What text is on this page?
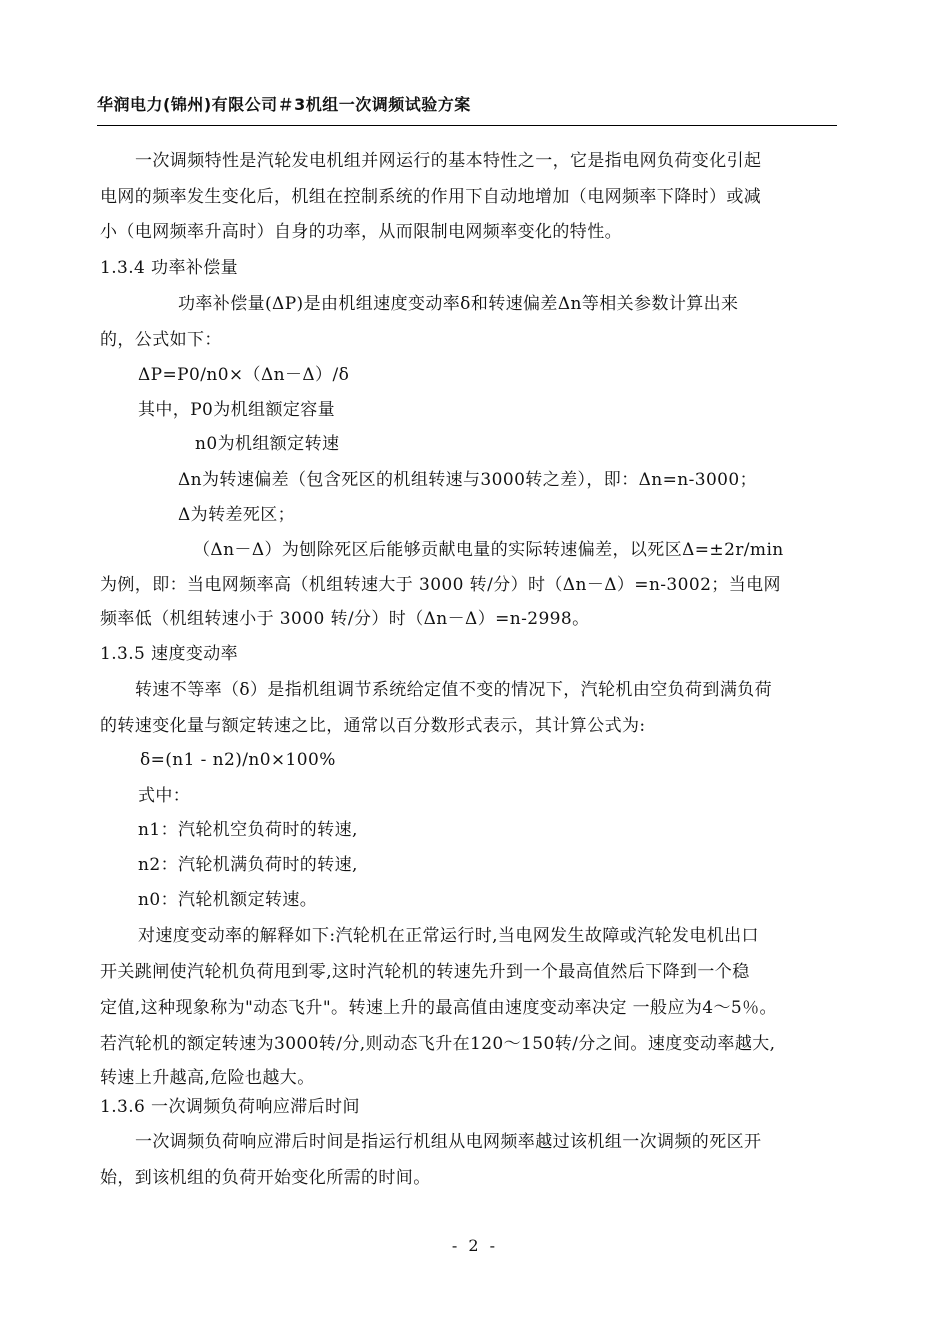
华润电力(锦州)有限公司＃3机组一次调频试验方案
一次调频特性是汽轮发电机组并网运行的基本特性之一，它是指电网负荷变化引起
电网的频率发生变化后，机组在控制系统的作用下自动地增加（电网频率下降时）或减
小（电网频率升高时）自身的功率，从而限制电网频率变化的特性。
1.3.4 功率补偿量
功率补偿量(ΔP)是由机组速度变动率δ和转速偏差Δn等相关参数计算出来
的，公式如下：
ΔP=P0/n0×（Δn－Δ）/δ
其中，P0为机组额定容量
n0为机组额定转速
Δn为转速偏差（包含死区的机组转速与3000转之差），即：Δn=n-3000；
Δ为转差死区；
（Δn－Δ）为刨除死区后能够贡献电量的实际转速偏差，以死区Δ=±2r/min
为例，即：当电网频率高（机组转速大于 3000 转/分）时（Δn－Δ）=n-3002；当电网
频率低（机组转速小于 3000 转/分）时（Δn－Δ）=n-2998。
1.3.5 速度变动率
转速不等率（δ）是指机组调节系统给定值不变的情况下，汽轮机由空负荷到满负荷
的转速变化量与额定转速之比，通常以百分数形式表示，其计算公式为:
δ=(n1 - n2)/n0×100%
式中：
n1：汽轮机空负荷时的转速,
n2：汽轮机满负荷时的转速,
n0：汽轮机额定转速。
对速度变动率的解释如下:汽轮机在正常运行时,当电网发生故障或汽轮发电机出口
开关跳闸使汽轮机负荷甩到零,这时汽轮机的转速先升到一个最高值然后下降到一个稳
定值,这种现象称为"动态飞升"。转速上升的最高值由速度变动率决定 一般应为4～5％。
若汽轮机的额定转速为3000转/分,则动态飞升在120～150转/分之间。速度变动率越大,
转速上升越高,危险也越大。
1.3.6 一次调频负荷响应滞后时间
一次调频负荷响应滞后时间是指运行机组从电网频率越过该机组一次调频的死区开
始，到该机组的负荷开始变化所需的时间。
- 2 -
